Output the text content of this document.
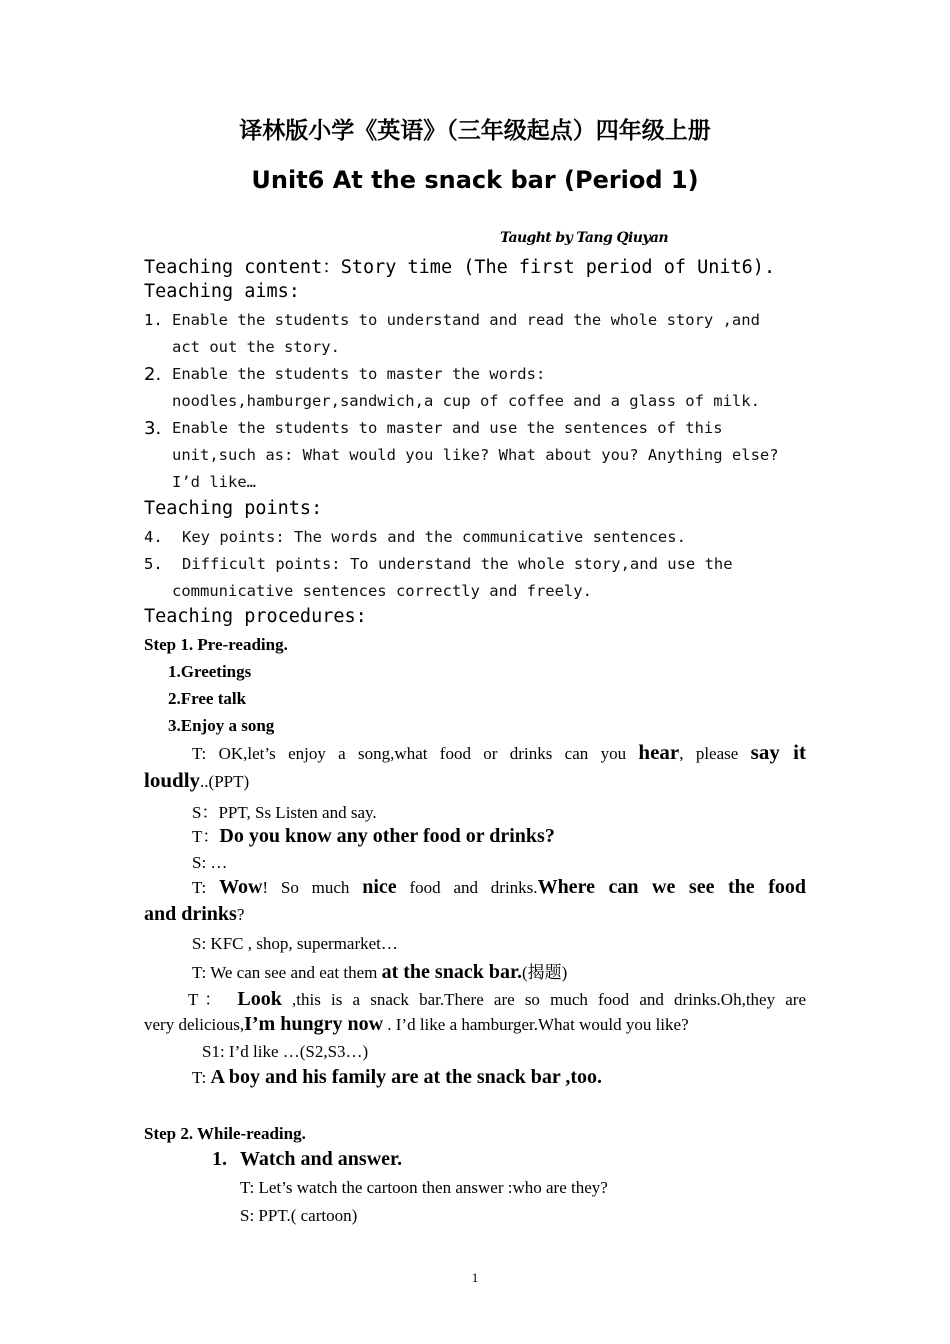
译林版小学《英语》（三年级起点）四年级上册
Unit6 At the snack bar (Period 1)
Taught by Tang Qiuyan
Teaching content：Story time (The first period of Unit6).
Teaching aims:
1. Enable the students to understand and read the whole story ,and
act out the story.
2. Enable the students to master the words:
noodles,hamburger,sandwich,a cup of coffee and a glass of milk.
3. Enable the students to master and use the sentences of this
unit,such as: What would you like? What about you? Anything else?
I’d like…
Teaching points:
4. Key points: The words and the communicative sentences.
5. Difficult points: To understand the whole story,and use the
communicative sentences correctly and freely.
Teaching procedures:
Step 1. Pre-reading.
1.Greetings
2.Free talk
3.Enjoy a song
T: OK,let’s enjoy a song,what food or drinks can you hear, please say it
loudly..(PPT)
S：PPT, Ss Listen and say.
T：Do you know any other food or drinks?
S: …
T: Wow! So much nice food and drinks.Where can we see the food
and drinks?
S: KFC , shop, supermarket…
T: We can see and eat them at the snack bar.(揭题)
T： Look ,this is a snack bar.There are so much food and drinks.Oh,they are
very delicious,I’m hungry now . I’d like a hamburger.What would you like?
S1: I’d like …(S2,S3…)
T: A boy and his family are at the snack bar ,too.
Step 2. While-reading.
1. Watch and answer.
T: Let’s watch the cartoon then answer :who are they?
S: PPT.( cartoon)
1
